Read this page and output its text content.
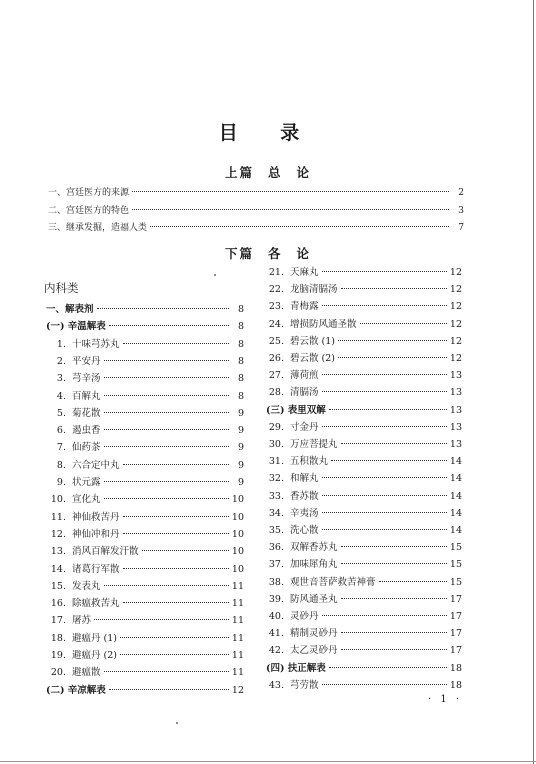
目 录
上篇 总 论
一、宫廷医方的来源	2
二、宫廷医方的特色	3
三、继承发掘，造福人类	7
下篇 各 论
内科类
一、解表剂	8
(一) 辛温解表	8
1. 十味芎苏丸	8
2. 平安丹	8
3. 芎辛汤	8
4. 百解丸	8
5. 菊花散	9
6. 遏虫香	9
7. 仙药茶	9
8. 六合定中丸	9
9. 状元露	9
10. 宣化丸	10
11. 神仙救苦丹	10
12. 神仙冲和丹	10
13. 消风百解发汗散	10
14. 诸葛行军散	10
15. 发表丸	11
16. 除瘟救苦丸	11
17. 屠苏	11
18. 避瘟丹 (1)	11
19. 避瘟丹 (2)	11
20. 避瘟散	11
(二) 辛凉解表	12
21. 天麻丸	12
22. 龙脑清膈汤	12
23. 青梅露	12
24. 增损防风通圣散	12
25. 碧云散 (1)	12
26. 碧云散 (2)	12
27. 薄荷煎	13
28. 清膈汤	13
(三) 表里双解	13
29. 寸金丹	13
30. 万应菩提丸	13
31. 五积散丸	14
32. 和解丸	14
33. 香苏散	14
34. 辛夷汤	14
35. 洗心散	14
36. 双解香苏丸	15
37. 加味犀角丸	15
38. 观世音菩萨救苦神膏	15
39. 防风通圣丸	17
40. 灵砂丹	17
41. 精制灵砂丹	17
42. 太乙灵砂丹	17
(四) 扶正解表	18
43. 芎劳散	18
· 1 ·
